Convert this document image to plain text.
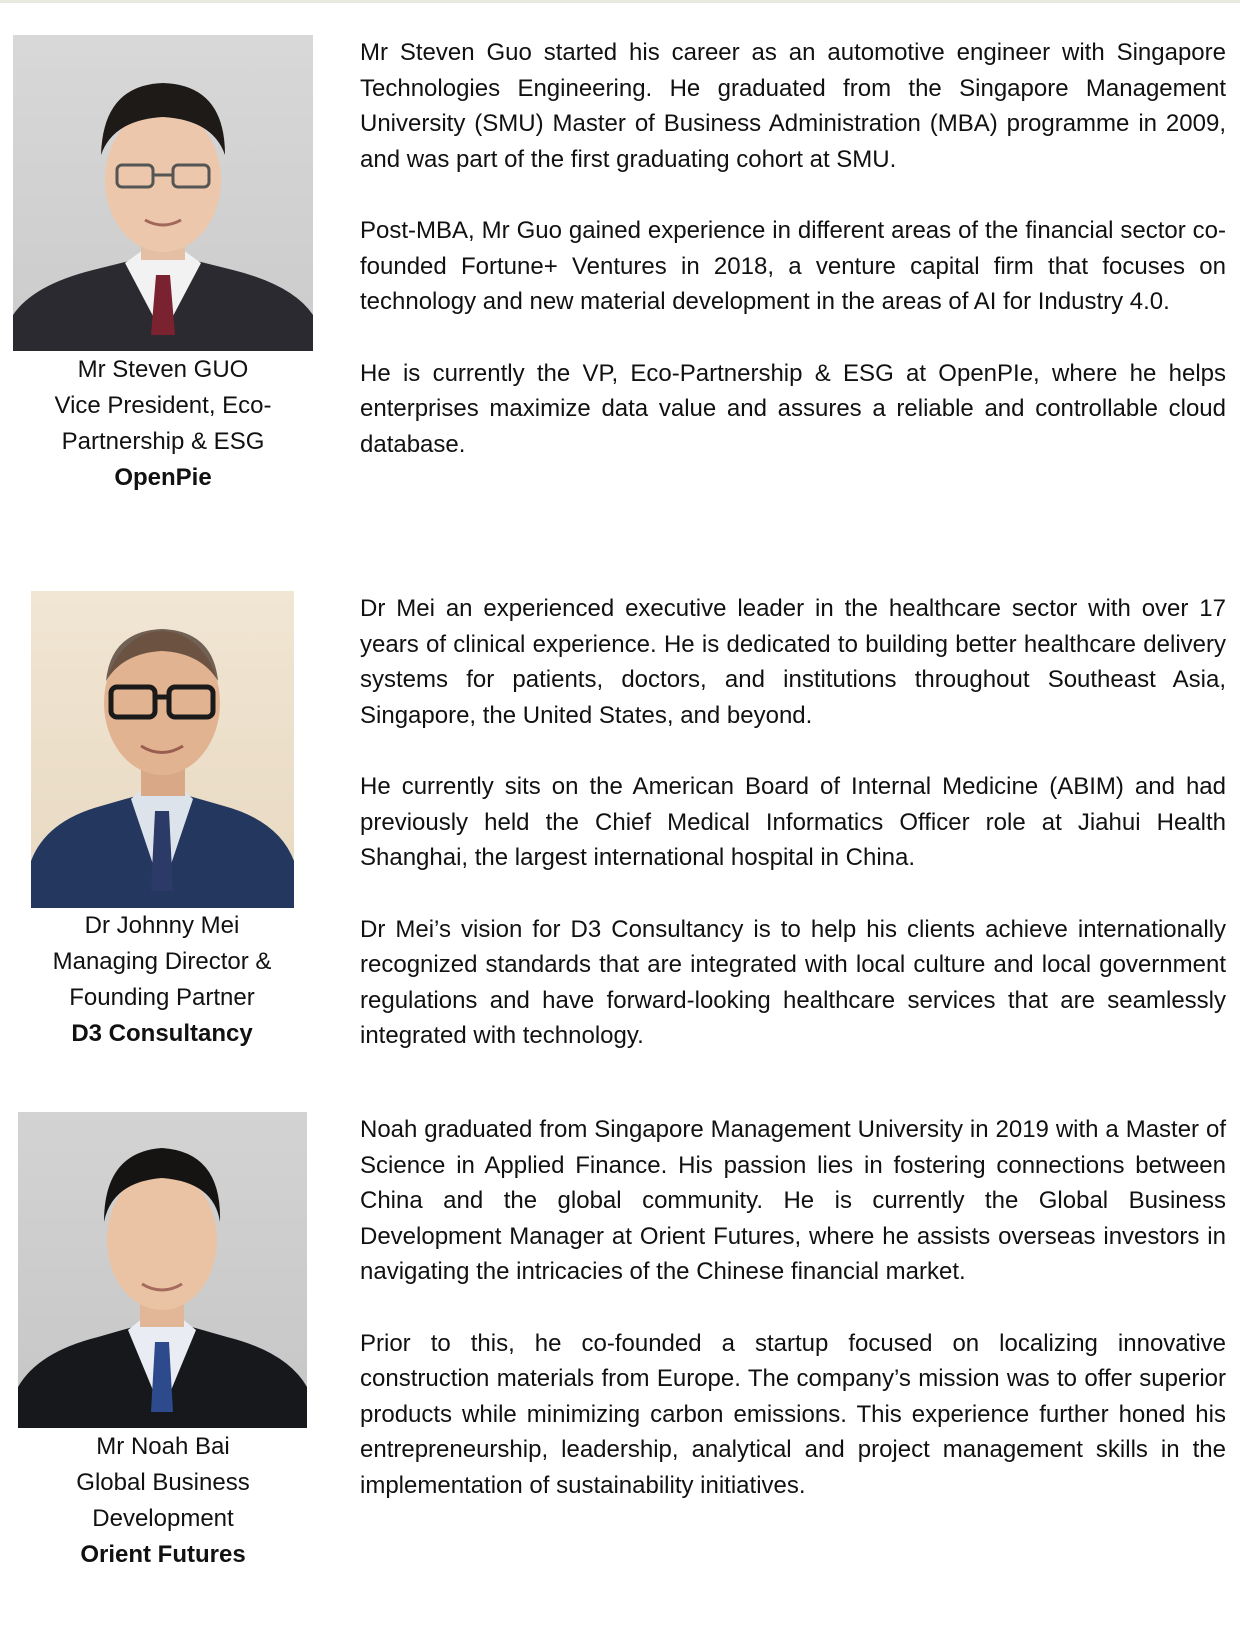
Mr Steven GUO
Vice President, Eco-
Partnership & ESG
OpenPie

Mr Steven Guo started his career as an automotive engineer with Singapore Technologies Engineering. He graduated from the Singapore Management University (SMU) Master of Business Administration (MBA) programme in 2009, and was part of the first graduating cohort at SMU.

Post-MBA, Mr Guo gained experience in different areas of the financial sector co-founded Fortune+ Ventures in 2018, a venture capital firm that focuses on technology and new material development in the areas of AI for Industry 4.0.

He is currently the VP, Eco-Partnership & ESG at OpenPIe, where he helps enterprises maximize data value and assures a reliable and controllable cloud database.

Dr Johnny Mei
Managing Director &
Founding Partner
D3 Consultancy

Dr Mei an experienced executive leader in the healthcare sector with over 17 years of clinical experience. He is dedicated to building better healthcare delivery systems for patients, doctors, and institutions throughout Southeast Asia, Singapore, the United States, and beyond.

He currently sits on the American Board of Internal Medicine (ABIM) and had previously held the Chief Medical Informatics Officer role at Jiahui Health Shanghai, the largest international hospital in China.

Dr Mei’s vision for D3 Consultancy is to help his clients achieve internationally recognized standards that are integrated with local culture and local government regulations and have forward-looking healthcare services that are seamlessly integrated with technology.

Mr Noah Bai
Global Business
Development
Orient Futures

Noah graduated from Singapore Management University in 2019 with a Master of Science in Applied Finance. His passion lies in fostering connections between China and the global community. He is currently the Global Business Development Manager at Orient Futures, where he assists overseas investors in navigating the intricacies of the Chinese financial market.

Prior to this, he co-founded a startup focused on localizing innovative construction materials from Europe. The company’s mission was to offer superior products while minimizing carbon emissions. This experience further honed his entrepreneurship, leadership, analytical and project management skills in the implementation of sustainability initiatives.
